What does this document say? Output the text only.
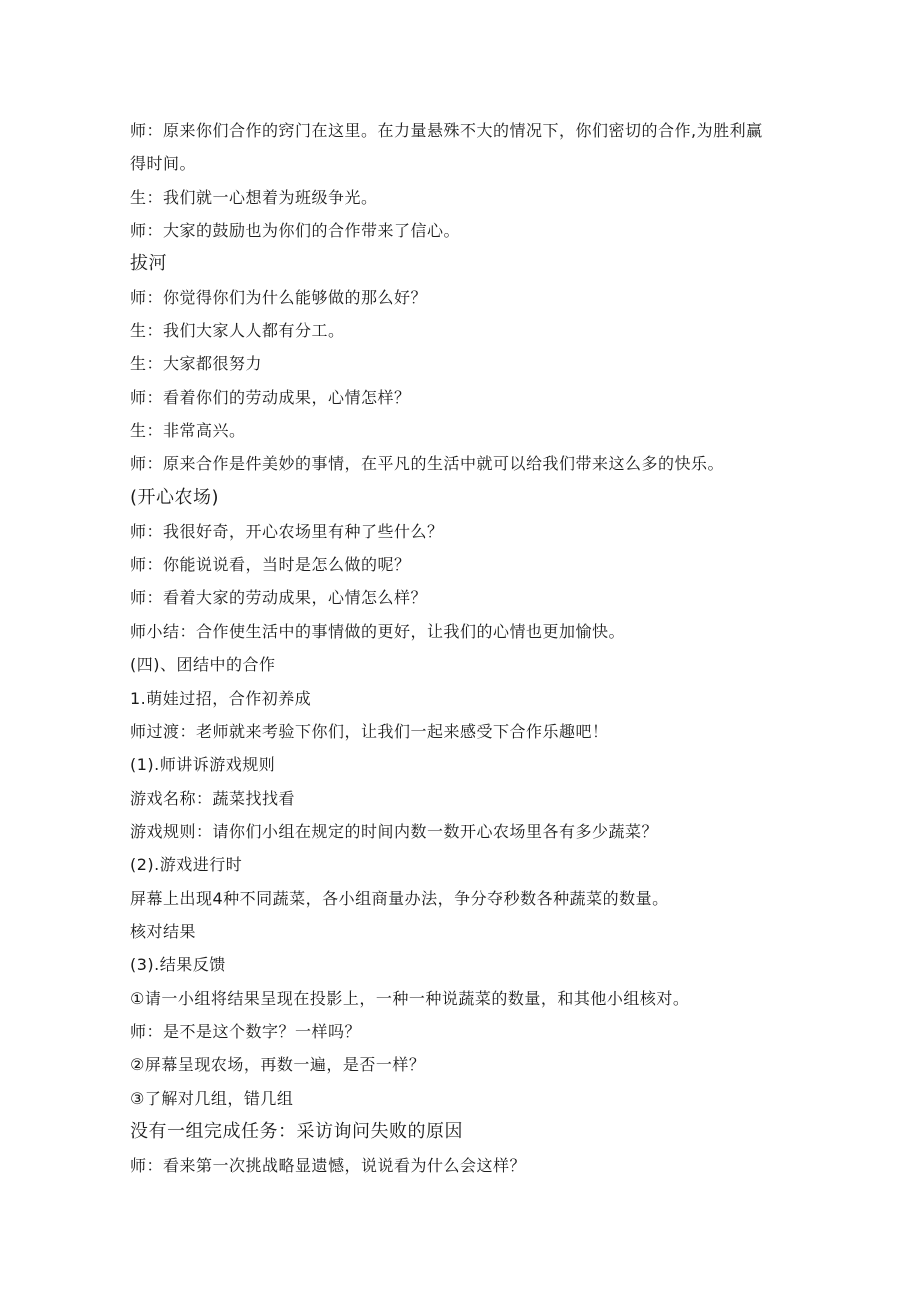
师：原来你们合作的窍门在这里。在力量悬殊不大的情况下，你们密切的合作,为胜利赢

得时间。

生：我们就一心想着为班级争光。

师：大家的鼓励也为你们的合作带来了信心。

拔河

师：你觉得你们为什么能够做的那么好？

生：我们大家人人都有分工。

生：大家都很努力

师：看着你们的劳动成果，心情怎样？

生：非常高兴。

师：原来合作是件美妙的事情，在平凡的生活中就可以给我们带来这么多的快乐。

(开心农场)

师：我很好奇，开心农场里有种了些什么？

师：你能说说看，当时是怎么做的呢？

师：看着大家的劳动成果，心情怎么样？

师小结：合作使生活中的事情做的更好，让我们的心情也更加愉快。

(四)、团结中的合作

1.萌娃过招，合作初养成

师过渡：老师就来考验下你们，让我们一起来感受下合作乐趣吧！

(1).师讲诉游戏规则

游戏名称：蔬菜找找看

游戏规则：请你们小组在规定的时间内数一数开心农场里各有多少蔬菜？

(2).游戏进行时

屏幕上出现4种不同蔬菜，各小组商量办法，争分夺秒数各种蔬菜的数量。

核对结果

(3).结果反馈

①请一小组将结果呈现在投影上，一种一种说蔬菜的数量，和其他小组核对。

师：是不是这个数字？一样吗？

②屏幕呈现农场，再数一遍，是否一样？

③了解对几组，错几组

没有一组完成任务：采访询问失败的原因

师：看来第一次挑战略显遗憾，说说看为什么会这样？
